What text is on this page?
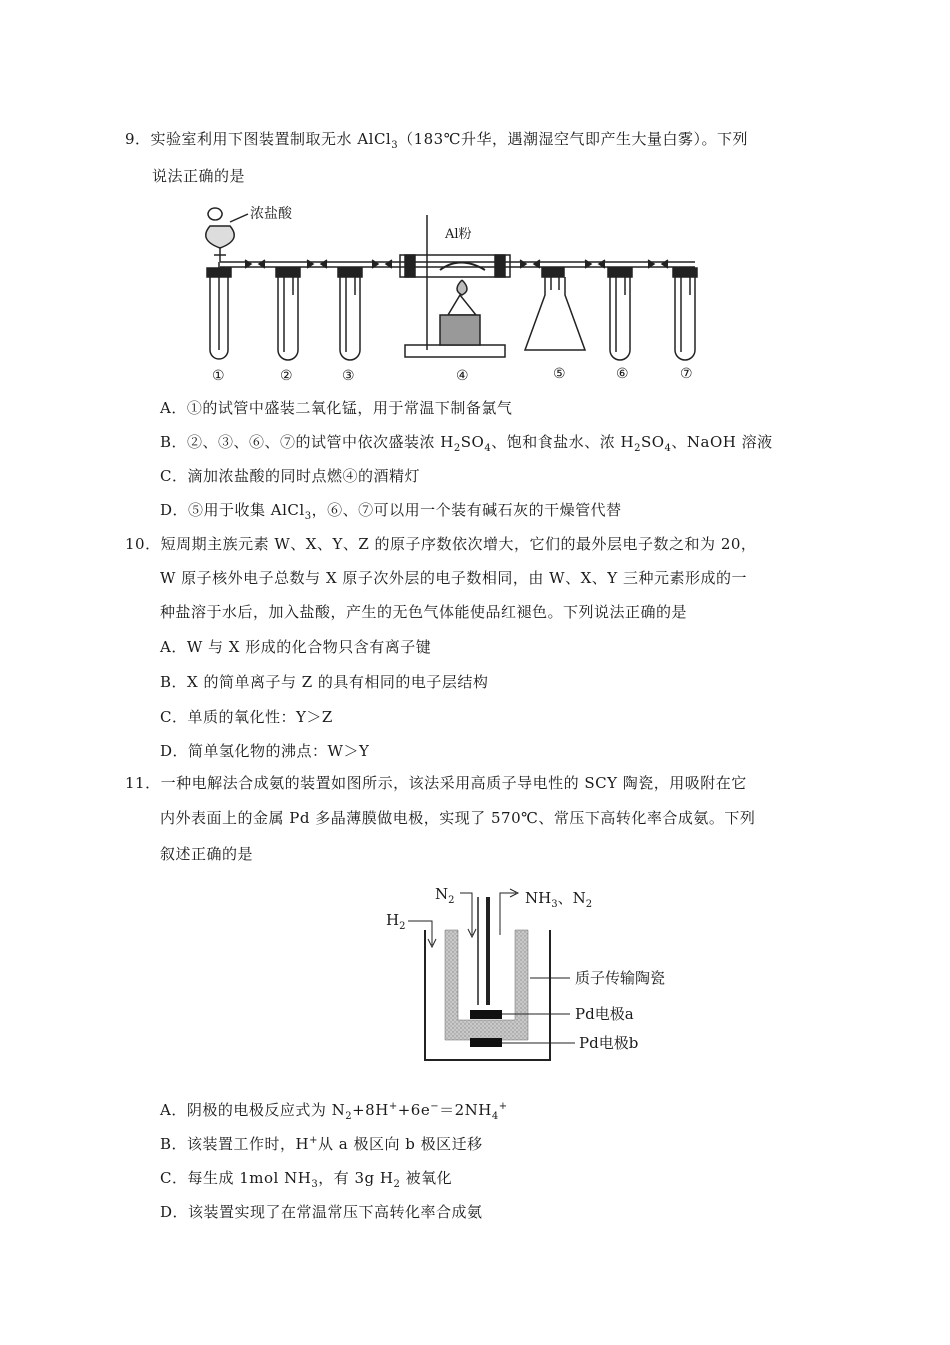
9．实验室利用下图装置制取无水 AlCl$_3$（183℃升华，遇潮湿空气即产生大量白雾）。下列
说法正确的是
浓盐酸
Al粉
①	②	③	④	⑤	⑥	⑦
A．①的试管中盛装二氧化锰，用于常温下制备氯气
B．②、③、⑥、⑦的试管中依次盛装浓 $H_2SO_4$、饱和食盐水、浓 $H_2SO_4$、NaOH 溶液
C．滴加浓盐酸的同时点燃④的酒精灯
D．⑤用于收集 AlCl$_3$，⑥、⑦可以用一个装有碱石灰的干燥管代替
10．短周期主族元素 W、X、Y、Z 的原子序数依次增大，它们的最外层电子数之和为 20，
W 原子核外电子总数与 X 原子次外层的电子数相同，由 W、X、Y 三种元素形成的一
种盐溶于水后，加入盐酸，产生的无色气体能使品红褪色。下列说法正确的是
A．W 与 X 形成的化合物只含有离子键
B．X 的简单离子与 Z 的具有相同的电子层结构
C．单质的氧化性：Y＞Z
D．简单氢化物的沸点：W＞Y
11．一种电解法合成氨的装置如图所示，该法采用高质子导电性的 SCY 陶瓷，用吸附在它
内外表面上的金属 Pd 多晶薄膜做电极，实现了 570℃、常压下高转化率合成氨。下列
叙述正确的是
$N_2$
$H_2$
$NH_3$、$N_2$
质子传输陶瓷
Pd电极a
Pd电极b
A．阴极的电极反应式为 $N_2+8H^++6e^-=2NH_4^+$
B．该装置工作时，H+从 a 极区向 b 极区迁移
C．每生成 1mol $NH_3$，有 3g $H_2$ 被氧化
D．该装置实现了在常温常压下高转化率合成氨
